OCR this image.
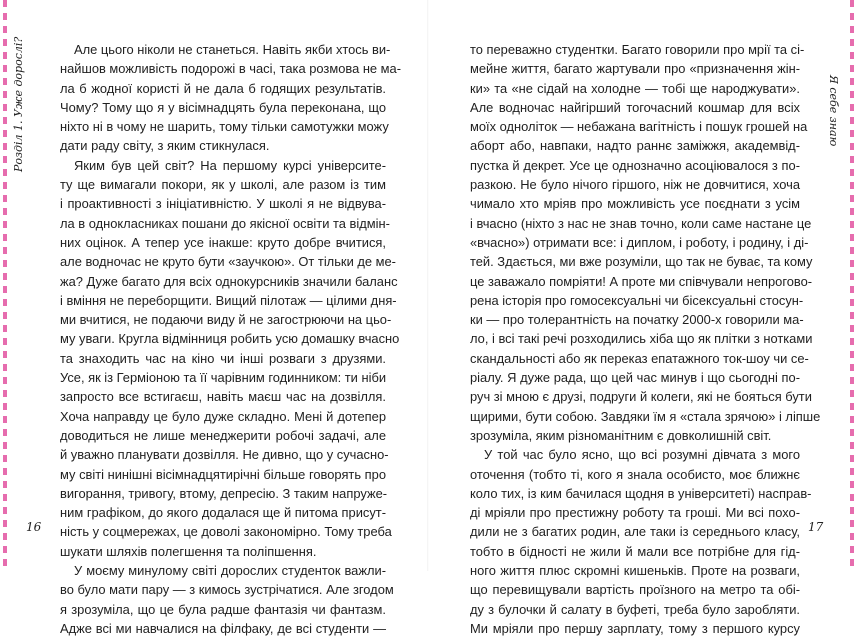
Розділ 1. Уже дорослі?	Я себе знаю
Але цього ніколи не станеться. Навіть якби хтось ви-
найшов можливість подорожі в часі, така розмова не ма-
ла б жодної користі й не дала б годящих результатів.
Чому? Тому що я у вісімнадцять була переконана, що
ніхто ні в чому не шарить, тому тільки самотужки можу
дати раду світу, з яким стикнулася.
Яким був цей світ? На першому курсі університе-
ту ще вимагали покори, як у школі, але разом із тим
і проактивності з ініціативністю. У школі я не відвува-
ла в однокласниках пошани до якісної освіти та відмін-
них оцінок. А тепер усе інакше: круто добре вчитися,
але водночас не круто бути «заучкою». От тільки де ме-
жа? Дуже багато для всіх однокурсників значили баланс
і вміння не переборщити. Вищий пілотаж — цілими дня-
ми вчитися, не подаючи виду й не загострюючи на цьо-
му уваги. Кругла відмінниця робить усю домашку вчасно
та знаходить час на кіно чи інші розваги з друзями.
Усе, як із Герміоною та її чарівним годинником: ти ніби
запросто все встигаєш, навіть маєш час на дозвілля.
Хоча направду це було дуже складно. Мені й дотепер
доводиться не лише менеджерити робочі задачі, але
й уважно планувати дозвілля. Не дивно, що у сучасно-
му світі нинішні вісімнадцятирічні більше говорять про
вигорання, тривогу, втому, депресію. З таким напруже-
ним графіком, до якого додалася ще й питома присут-
ність у соцмережах, це доволі закономірно. Тому треба
шукати шляхів полегшення та поліпшення.
У моєму минулому світі дорослих студенток важли-
во було мати пару — з кимось зустрічатися. Але згодом
я зрозуміла, що це була радше фантазія чи фантазм.
Адже всі ми навчалися на філфаку, де всі студенти —
то переважно студентки. Багато говорили про мрії та сі-
мейне життя, багато жартували про «призначення жін-
ки» та «не сідай на холодне — тобі ще народжувати».
Але водночас найгірший тогочасний кошмар для всіх
моїх одноліток — небажана вагітність і пошук грошей на
аборт або, навпаки, надто раннє заміжжя, академвід-
пустка й декрет. Усе це однозначно асоціювалося з по-
разкою. Не було нічого гіршого, ніж не довчитися, хоча
чимало хто мріяв про можливість усе поєднати з усім
і вчасно (ніхто з нас не знав точно, коли саме настане це
«вчасно») отримати все: і диплом, і роботу, і родину, і ді-
тей. Здається, ми вже розуміли, що так не буває, та кому
це заважало помріяти! А проте ми співчували непрогово-
рена історія про гомосексуальні чи бісексуальні стосун-
ки — про толерантність на початку 2000-х говорили ма-
ло, і всі такі речі розходились хіба що як плітки з нотками
скандальності або як переказ епатажного ток-шоу чи се-
ріалу. Я дуже рада, що цей час минув і що сьогодні по-
руч зі мною є друзі, подруги й колеги, які не бояться бути
щирими, бути собою. Завдяки їм я «стала зрячою» і лiпше
зрозуміла, яким різноманітним є довколишній світ.
У той час було ясно, що всі розумні дівчата з мого
оточення (тобто ті, кого я знала особисто, моє ближнє
коло тих, із ким бачилася щодня в університеті) насправ-
ді мріяли про престижну роботу та гроші. Ми всі похо-
дили не з багатих родин, але таки із середнього класу,
тобто в бідності не жили й мали все потрібне для гід-
ного життя плюс скромні кишеньків. Проте на розваги,
що перевищували вартість проїзного на метро та обі-
ду з булочки й салату в буфеті, треба було заробляти.
Ми мріяли про першу зарплату, тому з першого курсу
16	17
